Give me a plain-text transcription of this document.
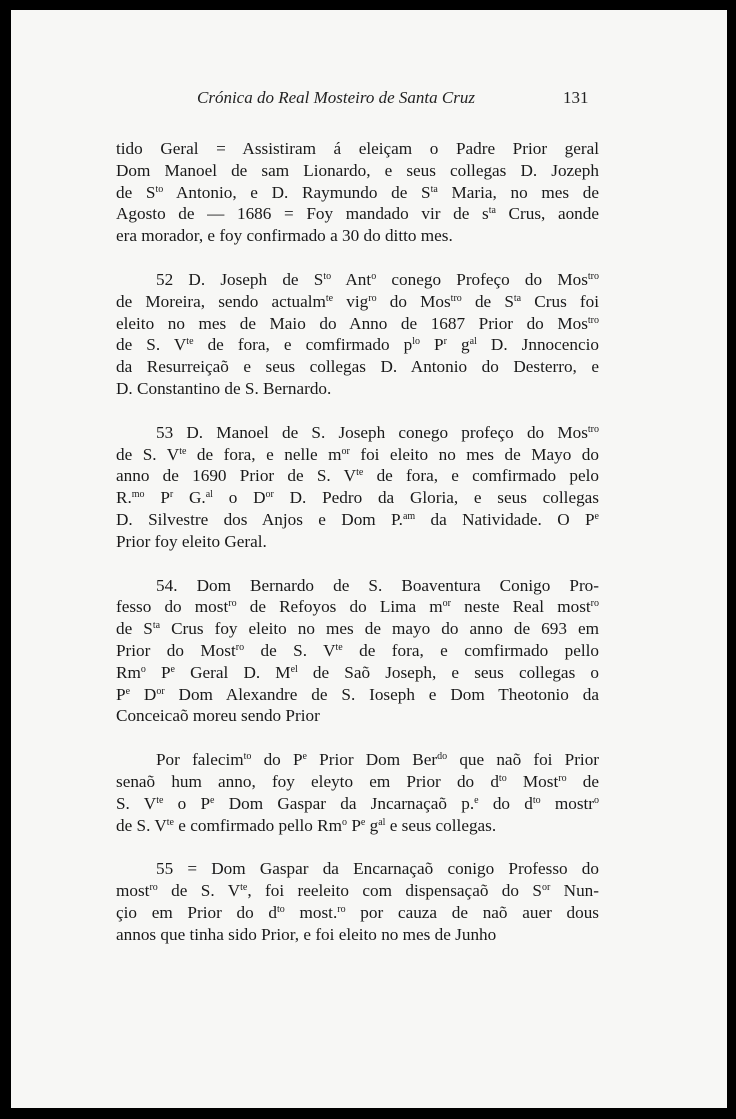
Crónica do Real Mosteiro de Santa Cruz	131
tido Geral = Assistiram á eleiçam o Padre Prior geral
Dom Manoel de sam Lionardo, e seus collegas D. Jozeph
de $S^{to}$ Antonio, e D. Raymundo de $S^{ta}$ Maria, no mes de
Agosto de — 1686 = Foy mandado vir de $s^{ta}$ Crus, aonde
era morador, e foy confirmado a 30 do ditto mes.
52 D. Joseph de $S^{to}$ Ant$^o$ conego Profeço do Mos$^{tro}$
de Moreira, sendo actualm$^{te}$ vig$^{ro}$ do Mos$^{tro}$ de $S^{ta}$ Crus foi
eleito no mes de Maio do Anno de 1687 Prior do Mos$^{tro}$
de S. $V^{te}$ de fora, e comfirmado $p^{lo}$ $P^r$ $g^{al}$ D. Jnnocencio
da Resurreiçaõ e seus collegas D. Antonio do Desterro, e
D. Constantino de S. Bernardo.
53 D. Manoel de S. Joseph conego profeço do Mos$^{tro}$
de S. $V^{te}$ de fora, e nelle $m^{or}$ foi eleito no mes de Mayo do
anno de 1690 Prior de S. $V^{te}$ de fora, e comfirmado pelo
R.$^{mo}$ $P^r$ G.$^{al}$ o $D^{or}$ D. Pedro da Gloria, e seus collegas
D. Silvestre dos Anjos e Dom P.$^{am}$ da Natividade. O $P^e$
Prior foy eleito Geral.
54. Dom Bernardo de S. Boaventura Conigo Pro-
fesso do most$^{ro}$ de Refoyos do Lima $m^{or}$ neste Real most$^{ro}$
de $S^{ta}$ Crus foy eleito no mes de mayo do anno de 693 em
Prior do Most$^{ro}$ de S. $V^{te}$ de fora, e comfirmado pello
Rm$^o$ $P^e$ Geral D. $M^{el}$ de Saõ Joseph, e seus collegas o
$P^e$ $D^{or}$ Dom Alexandre de S. Ioseph e Dom Theotonio da
Conceicaõ moreu sendo Prior
Por falecim$^{to}$ do $P^e$ Prior Dom Ber$^{do}$ que naõ foi Prior
senaõ hum anno, foy eleyto em Prior do $d^{to}$ Most$^{ro}$ de
S. $V^{te}$ o $P^e$ Dom Gaspar da Jncarnaçaõ p.$^e$ do $d^{to}$ mostr$^o$
de S. $V^{te}$ e comfirmado pello Rm$^o$ $P^e$ $g^{al}$ e seus collegas.
55 = Dom Gaspar da Encarnaçaõ conigo Professo do
most$^{ro}$ de S. $V^{te}$, foi reeleito com dispensaçaõ do $S^{or}$ Nun-
çio em Prior do $d^{to}$ most.$^{ro}$ por cauza de naõ auer dous
annos que tinha sido Prior, e foi eleito no mes de Junho
